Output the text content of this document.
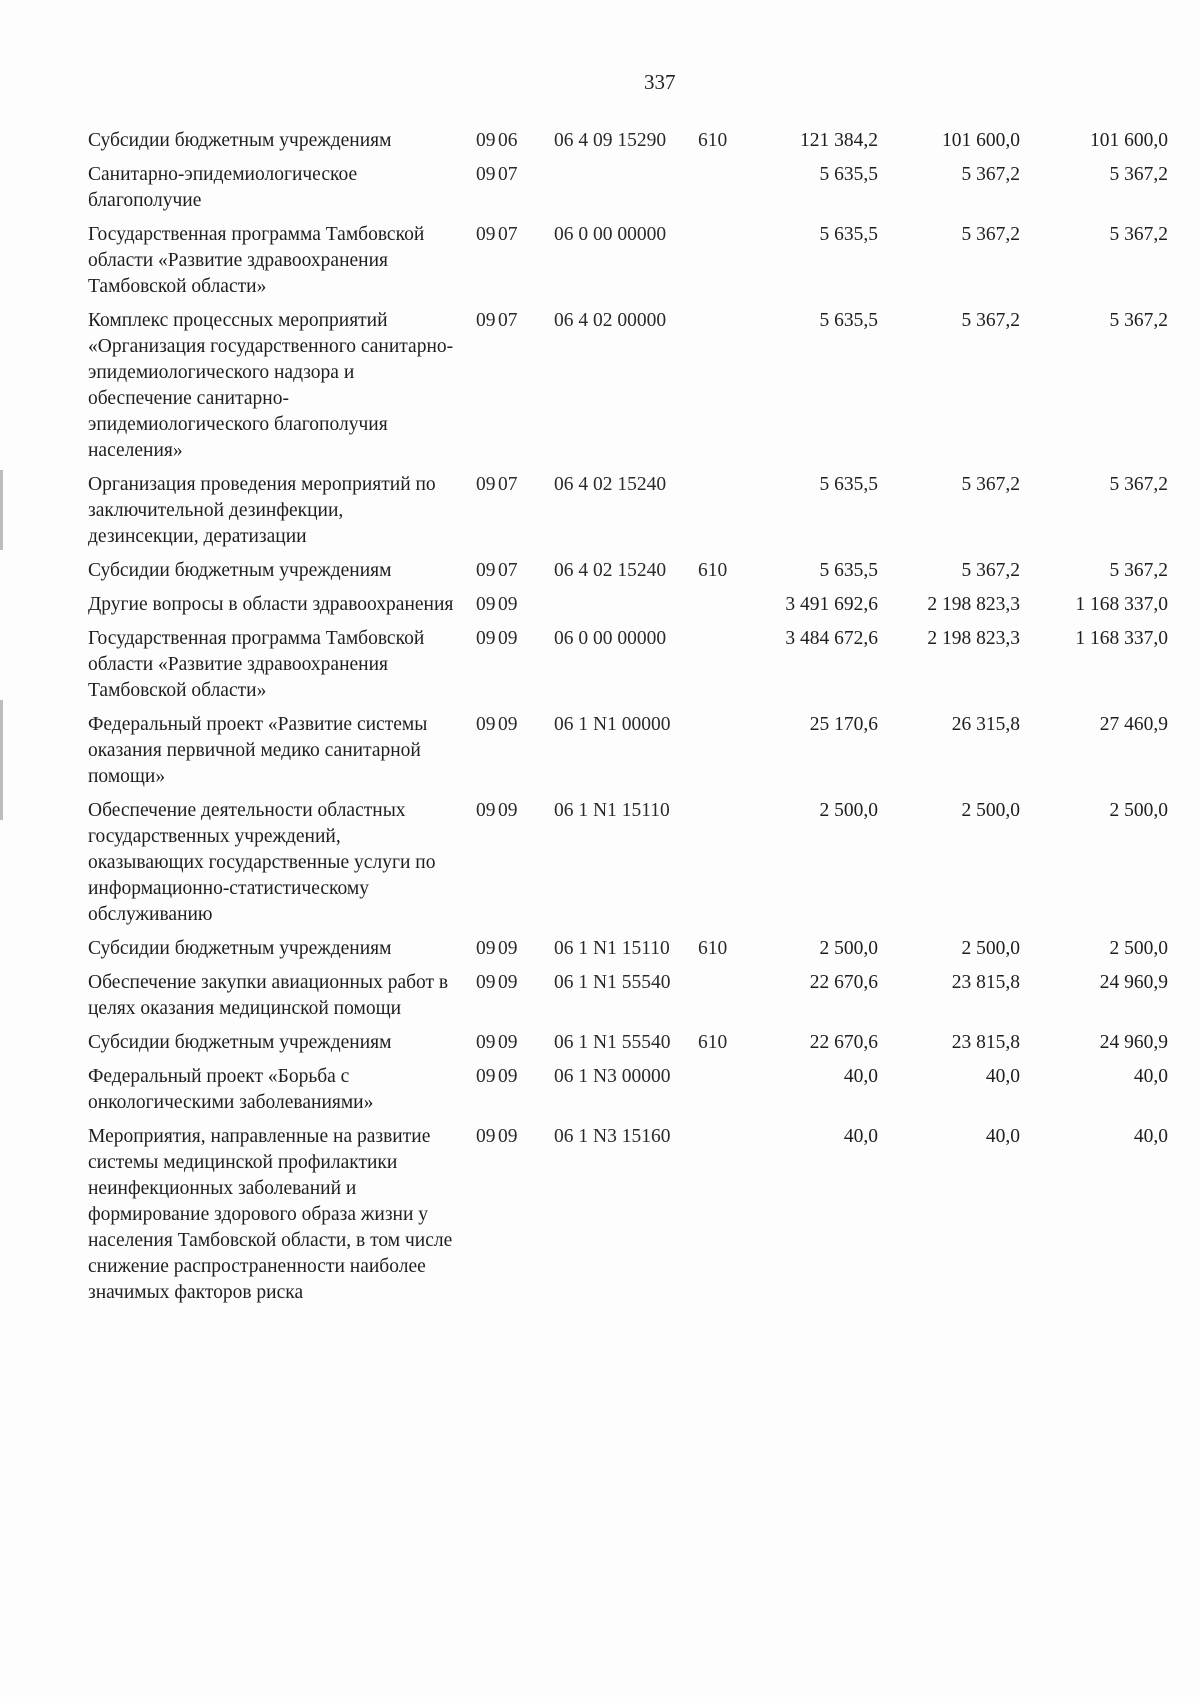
337
Субсидии бюджетным учреждениям	09	06	06 4 09 15290	610	121 384,2	101 600,0	101 600,0
Санитарно-эпидемиологическое благополучие	09	07			5 635,5	5 367,2	5 367,2
Государственная программа Тамбовской области «Развитие здравоохранения Тамбовской области»	09	07	06 0 00 00000		5 635,5	5 367,2	5 367,2
Комплекс процессных мероприятий «Организация государственного санитарно-эпидемиологического надзора и обеспечение санитарно-эпидемиологического благополучия населения»	09	07	06 4 02 00000		5 635,5	5 367,2	5 367,2
Организация проведения мероприятий по заключительной дезинфекции, дезинсекции, дератизации	09	07	06 4 02 15240		5 635,5	5 367,2	5 367,2
Субсидии бюджетным учреждениям	09	07	06 4 02 15240	610	5 635,5	5 367,2	5 367,2
Другие вопросы в области здравоохранения	09	09			3 491 692,6	2 198 823,3	1 168 337,0
Государственная программа Тамбовской области «Развитие здравоохранения Тамбовской области»	09	09	06 0 00 00000		3 484 672,6	2 198 823,3	1 168 337,0
Федеральный проект «Развитие системы оказания первичной медико санитарной помощи»	09	09	06 1 N1 00000		25 170,6	26 315,8	27 460,9
Обеспечение деятельности областных государственных учреждений, оказывающих государственные услуги по информационно-статистическому обслуживанию	09	09	06 1 N1 15110		2 500,0	2 500,0	2 500,0
Субсидии бюджетным учреждениям	09	09	06 1 N1 15110	610	2 500,0	2 500,0	2 500,0
Обеспечение закупки авиационных работ в целях оказания медицинской помощи	09	09	06 1 N1 55540		22 670,6	23 815,8	24 960,9
Субсидии бюджетным учреждениям	09	09	06 1 N1 55540	610	22 670,6	23 815,8	24 960,9
Федеральный проект «Борьба с онкологическими заболеваниями»	09	09	06 1 N3 00000		40,0	40,0	40,0
Мероприятия, направленные на развитие системы медицинской профилактики неинфекционных заболеваний и формирование здорового образа жизни у населения Тамбовской области, в том числе снижение распространенности наиболее значимых факторов риска	09	09	06 1 N3 15160		40,0	40,0	40,0
